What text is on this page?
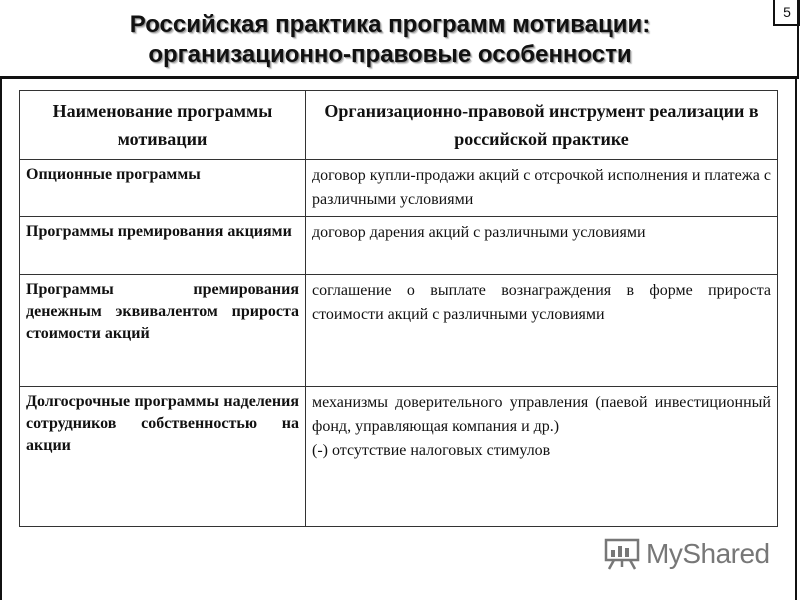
Российская практика программ мотивации:
организационно-правовые особенности
5
Наименование программы мотивации	Организационно-правовой инструмент реализации в российской практике
Опционные программы	договор купли-продажи акций с отсрочкой исполнения и платежа с различными условиями
Программы премирования акциями	договор дарения акций с различными условиями
Программы премирования денежным эквивалентом прироста стоимости акций	соглашение о выплате вознаграждения в форме прироста стоимости акций с различными условиями
Долгосрочные программы наделения сотрудников собственностью на акции	механизмы доверительного управления (паевой инвестиционный фонд, управляющая компания и др.)
(-) отсутствие налоговых стимулов
MyShared
